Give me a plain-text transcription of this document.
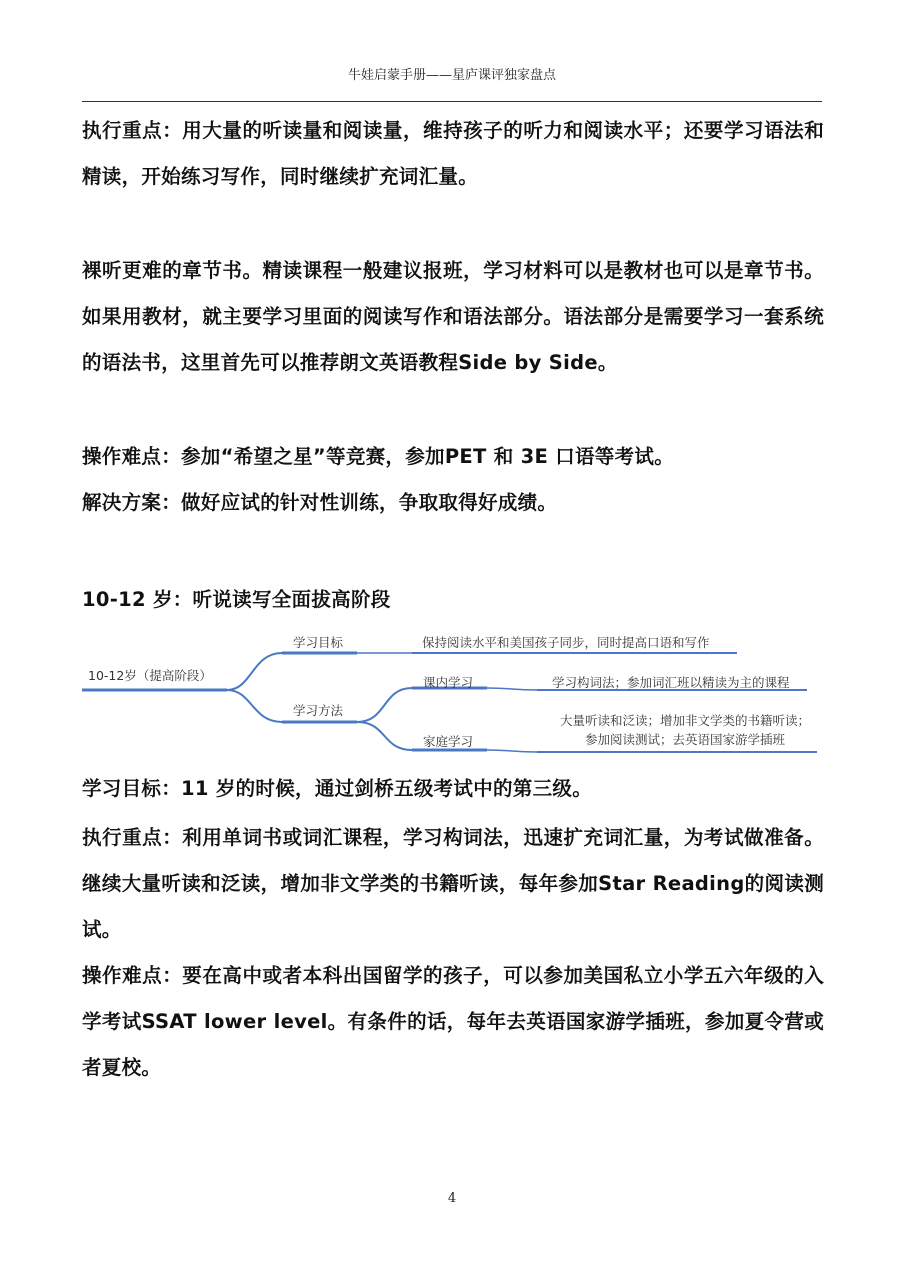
牛娃启蒙手册——星庐课评独家盘点
执行重点：用大量的听读量和阅读量，维持孩子的听力和阅读水平；还要学习语法和精读，开始练习写作，同时继续扩充词汇量。
裸听更难的章节书。精读课程一般建议报班，学习材料可以是教材也可以是章节书。如果用教材，就主要学习里面的阅读写作和语法部分。语法部分是需要学习一套系统的语法书，这里首先可以推荐朗文英语教程Side by Side。
操作难点：参加“希望之星”等竞赛，参加PET 和 3E 口语等考试。
解决方案：做好应试的针对性训练，争取取得好成绩。
10-12 岁：听说读写全面拔高阶段
10-12岁（提高阶段）
学习目标	保持阅读水平和美国孩子同步，同时提高口语和写作
学习方法
课内学习	学习构词法；参加词汇班以精读为主的课程
家庭学习
大量听读和泛读；增加非文学类的书籍听读；
参加阅读测试；去英语国家游学插班
学习目标：11 岁的时候，通过剑桥五级考试中的第三级。
执行重点：利用单词书或词汇课程，学习构词法，迅速扩充词汇量，为考试做准备。继续大量听读和泛读，增加非文学类的书籍听读，每年参加Star Reading的阅读测试。
操作难点：要在高中或者本科出国留学的孩子，可以参加美国私立小学五六年级的入学考试SSAT lower level。有条件的话，每年去英语国家游学插班，参加夏令营或者夏校。
4
